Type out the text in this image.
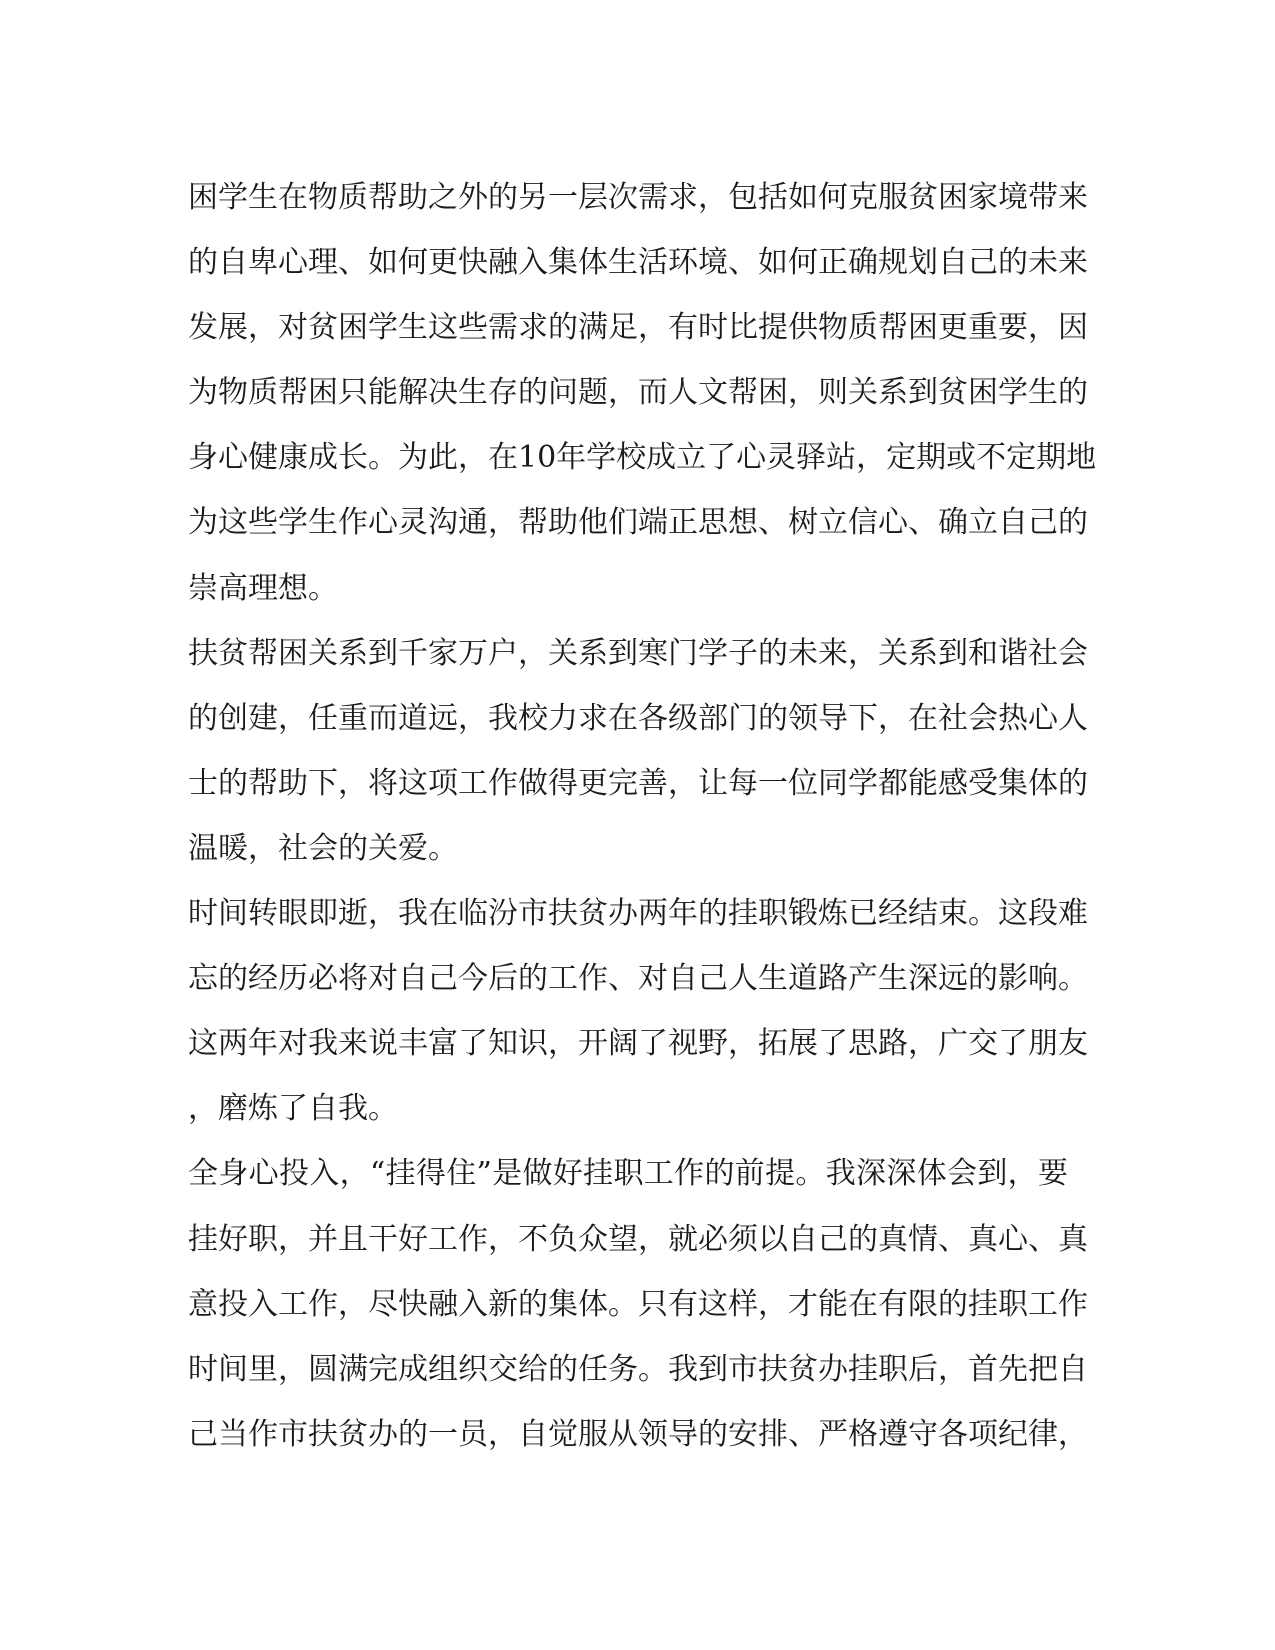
困学生在物质帮助之外的另一层次需求，包括如何克服贫困家境带来
的自卑心理、如何更快融入集体生活环境、如何正确规划自己的未来
发展，对贫困学生这些需求的满足，有时比提供物质帮困更重要，因
为物质帮困只能解决生存的问题，而人文帮困，则关系到贫困学生的
身心健康成长。为此，在10年学校成立了心灵驿站，定期或不定期地
为这些学生作心灵沟通，帮助他们端正思想、树立信心、确立自己的
崇高理想。
扶贫帮困关系到千家万户，关系到寒门学子的未来，关系到和谐社会
的创建，任重而道远，我校力求在各级部门的领导下，在社会热心人
士的帮助下，将这项工作做得更完善，让每一位同学都能感受集体的
温暖，社会的关爱。
时间转眼即逝，我在临汾市扶贫办两年的挂职锻炼已经结束。这段难
忘的经历必将对自己今后的工作、对自己人生道路产生深远的影响。
这两年对我来说丰富了知识，开阔了视野，拓展了思路，广交了朋友
，磨炼了自我。
全身心投入，“挂得住”是做好挂职工作的前提。我深深体会到，要
挂好职，并且干好工作，不负众望，就必须以自己的真情、真心、真
意投入工作，尽快融入新的集体。只有这样，才能在有限的挂职工作
时间里，圆满完成组织交给的任务。我到市扶贫办挂职后，首先把自
己当作市扶贫办的一员，自觉服从领导的安排、严格遵守各项纪律，
